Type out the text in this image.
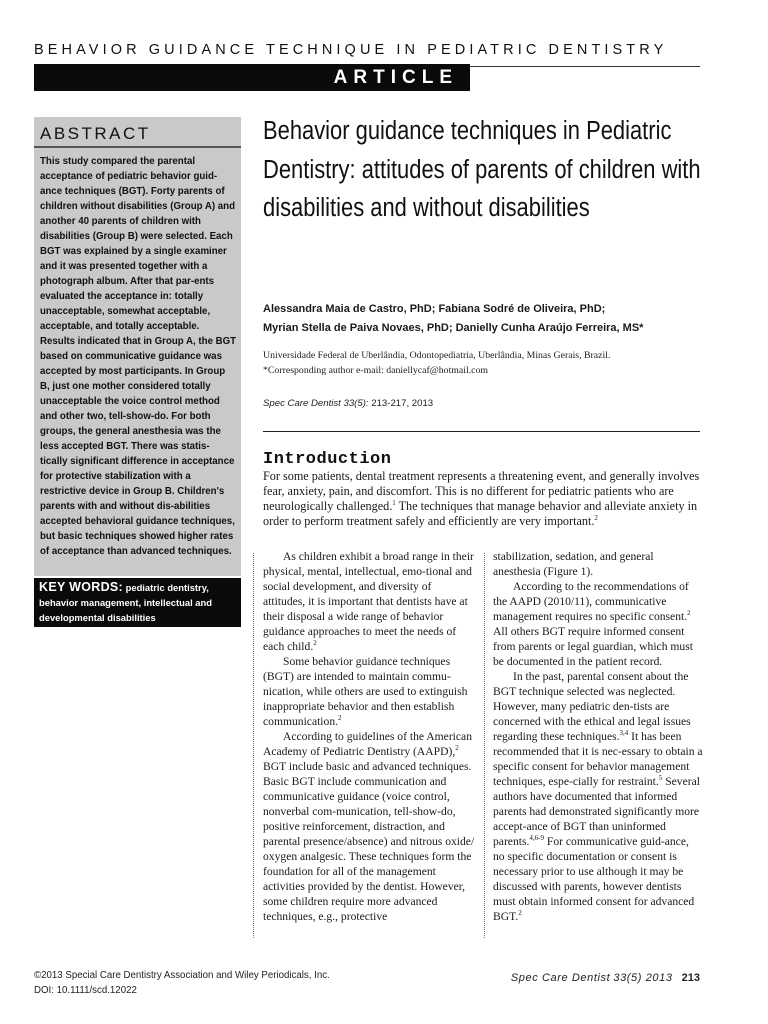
BEHAVIOR GUIDANCE TECHNIQUE IN PEDIATRIC DENTISTRY
ARTICLE
ABSTRACT
This study compared the parental acceptance of pediatric behavior guid-ance techniques (BGT). Forty parents of children without disabilities (Group A) and another 40 parents of children with disabilities (Group B) were selected. Each BGT was explained by a single examiner and it was presented together with a photograph album. After that par-ents evaluated the acceptance in: totally unacceptable, somewhat acceptable, acceptable, and totally acceptable. Results indicated that in Group A, the BGT based on communicative guidance was accepted by most participants. In Group B, just one mother considered totally unacceptable the voice control method and other two, tell-show-do. For both groups, the general anesthesia was the less accepted BGT. There was statis-tically significant difference in acceptance for protective stabilization with a restrictive device in Group B. Children's parents with and without dis-abilities accepted behavioral guidance techniques, but basic techniques showed higher rates of acceptance than advanced techniques.
KEY WORDS: pediatric dentistry, behavior management, intellectual and developmental disabilities
Behavior guidance techniques in Pediatric Dentistry: attitudes of parents of children with disabilities and without disabilities
Alessandra Maia de Castro, PhD; Fabiana Sodré de Oliveira, PhD;
Myrian Stella de Paiva Novaes, PhD; Danielly Cunha Araújo Ferreira, MS*
Universidade Federal de Uberlândia, Odontopediatria, Uberlândia, Minas Gerais, Brazil.
*Corresponding author e-mail: daniellycaf@hotmail.com
Spec Care Dentist 33(5): 213-217, 2013
Introduction
For some patients, dental treatment represents a threatening event, and generally involves fear, anxiety, pain, and discomfort. This is no different for pediatric patients who are neurologically challenged.$^1$ The techniques that manage behavior and alleviate anxiety in order to perform treatment safely and efficiently are very important.$^2$

As children exhibit a broad range in their physical, mental, intellectual, emo-tional and social development, and diversity of attitudes, it is important that dentists have at their disposal a wide range of behavior guidance approaches to meet the needs of each child.$^2$

Some behavior guidance techniques (BGT) are intended to maintain commu-nication, while others are used to extinguish inappropriate behavior and then establish communication.$^2$

According to guidelines of the American Academy of Pediatric Dentistry (AAPD),$^2$ BGT include basic and advanced techniques. Basic BGT include communication and communicative guidance (voice control, nonverbal com-munication, tell-show-do, positive reinforcement, distraction, and parental presence/absence) and nitrous oxide/ oxygen analgesic. These techniques form the foundation for all of the management activities provided by the dentist. However, some children require more advanced techniques, e.g., protective

stabilization, sedation, and general anesthesia (Figure 1).

According to the recommendations of the AAPD (2010/11), communicative management requires no specific consent.$^2$ All others BGT require informed consent from parents or legal guardian, which must be documented in the patient record.

In the past, parental consent about the BGT technique selected was neglected. However, many pediatric den-tists are concerned with the ethical and legal issues regarding these techniques.$^{3,4}$ It has been recommended that it is nec-essary to obtain a specific consent for behavior management techniques, espe-cially for restraint.$^5$ Several authors have documented that informed parents had demonstrated significantly more accept-ance of BGT than uninformed parents.$^{4,6-9}$ For communicative guid-ance, no specific documentation or consent is necessary prior to use although it may be discussed with parents, however dentists must obtain informed consent for advanced BGT.$^2$

©2013 Special Care Dentistry Association and Wiley Periodicals, Inc.
DOI: 10.1111/scd.12022
Spec Care Dentist 33(5) 2013 213
